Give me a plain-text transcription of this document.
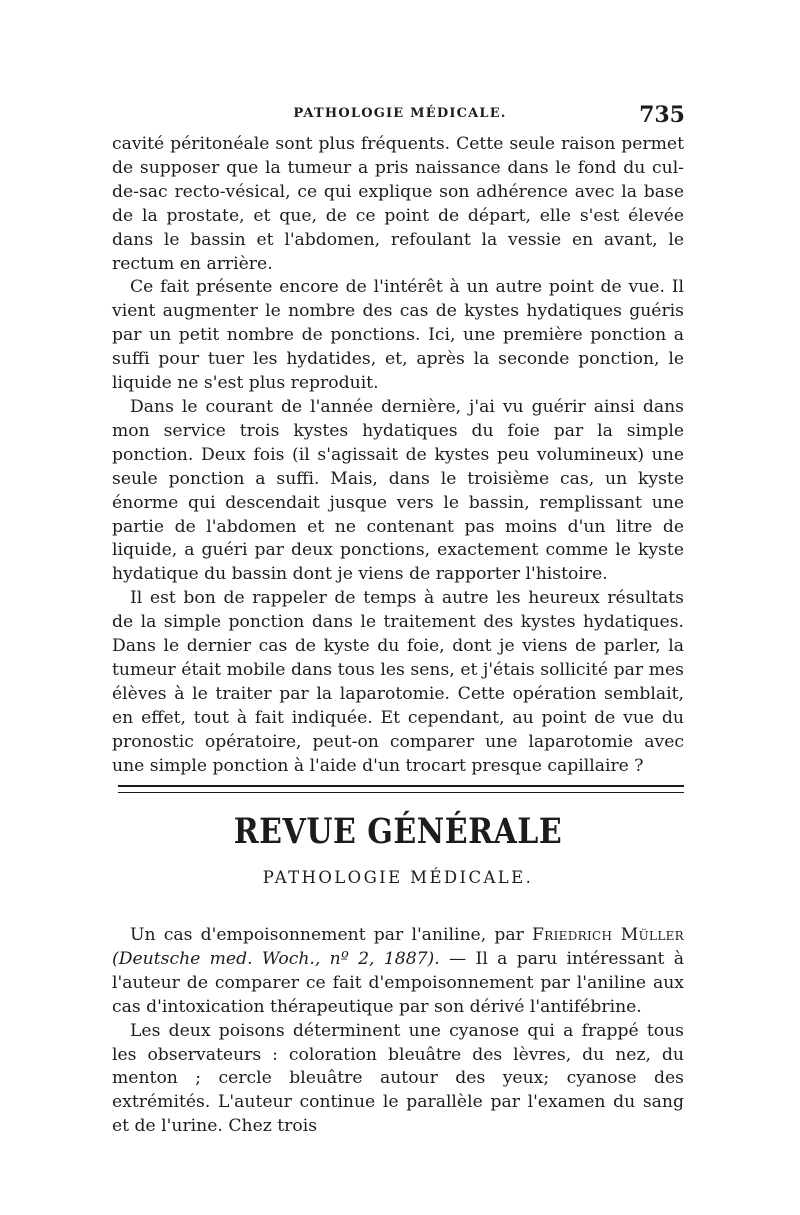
PATHOLOGIE MÉDICALE.	735

cavité péritonéale sont plus fréquents. Cette seule raison permet de supposer que la tumeur a pris naissance dans le fond du cul-de-sac recto-vésical, ce qui explique son adhérence avec la base de la prostate, et que, de ce point de départ, elle s'est élevée dans le bassin et l'abdomen, refoulant la vessie en avant, le rectum en arrière.

Ce fait présente encore de l'intérêt à un autre point de vue. Il vient augmenter le nombre des cas de kystes hydatiques guéris par un petit nombre de ponctions. Ici, une première ponction a suffi pour tuer les hydatides, et, après la seconde ponction, le liquide ne s'est plus reproduit.

Dans le courant de l'année dernière, j'ai vu guérir ainsi dans mon service trois kystes hydatiques du foie par la simple ponction. Deux fois (il s'agissait de kystes peu volumineux) une seule ponction a suffi. Mais, dans le troisième cas, un kyste énorme qui descendait jusque vers le bassin, remplissant une partie de l'abdomen et ne contenant pas moins d'un litre de liquide, a guéri par deux ponctions, exactement comme le kyste hydatique du bassin dont je viens de rapporter l'histoire.

Il est bon de rappeler de temps à autre les heureux résultats de la simple ponction dans le traitement des kystes hydatiques. Dans le dernier cas de kyste du foie, dont je viens de parler, la tumeur était mobile dans tous les sens, et j'étais sollicité par mes élèves à le traiter par la laparotomie. Cette opération semblait, en effet, tout à fait indiquée. Et cependant, au point de vue du pronostic opératoire, peut-on comparer une laparotomie avec une simple ponction à l'aide d'un trocart presque capillaire ?

REVUE GÉNÉRALE
PATHOLOGIE MÉDICALE.

Un cas d'empoisonnement par l'aniline, par Friedrich Müller (Deutsche med. Woch., nº 2, 1887). — Il a paru intéressant à l'auteur de comparer ce fait d'empoisonnement par l'aniline aux cas d'intoxication thérapeutique par son dérivé l'antifébrine.

Les deux poisons déterminent une cyanose qui a frappé tous les observateurs : coloration bleuâtre des lèvres, du nez, du menton ; cercle bleuâtre autour des yeux; cyanose des extrémités. L'auteur continue le parallèle par l'examen du sang et de l'urine. Chez trois
